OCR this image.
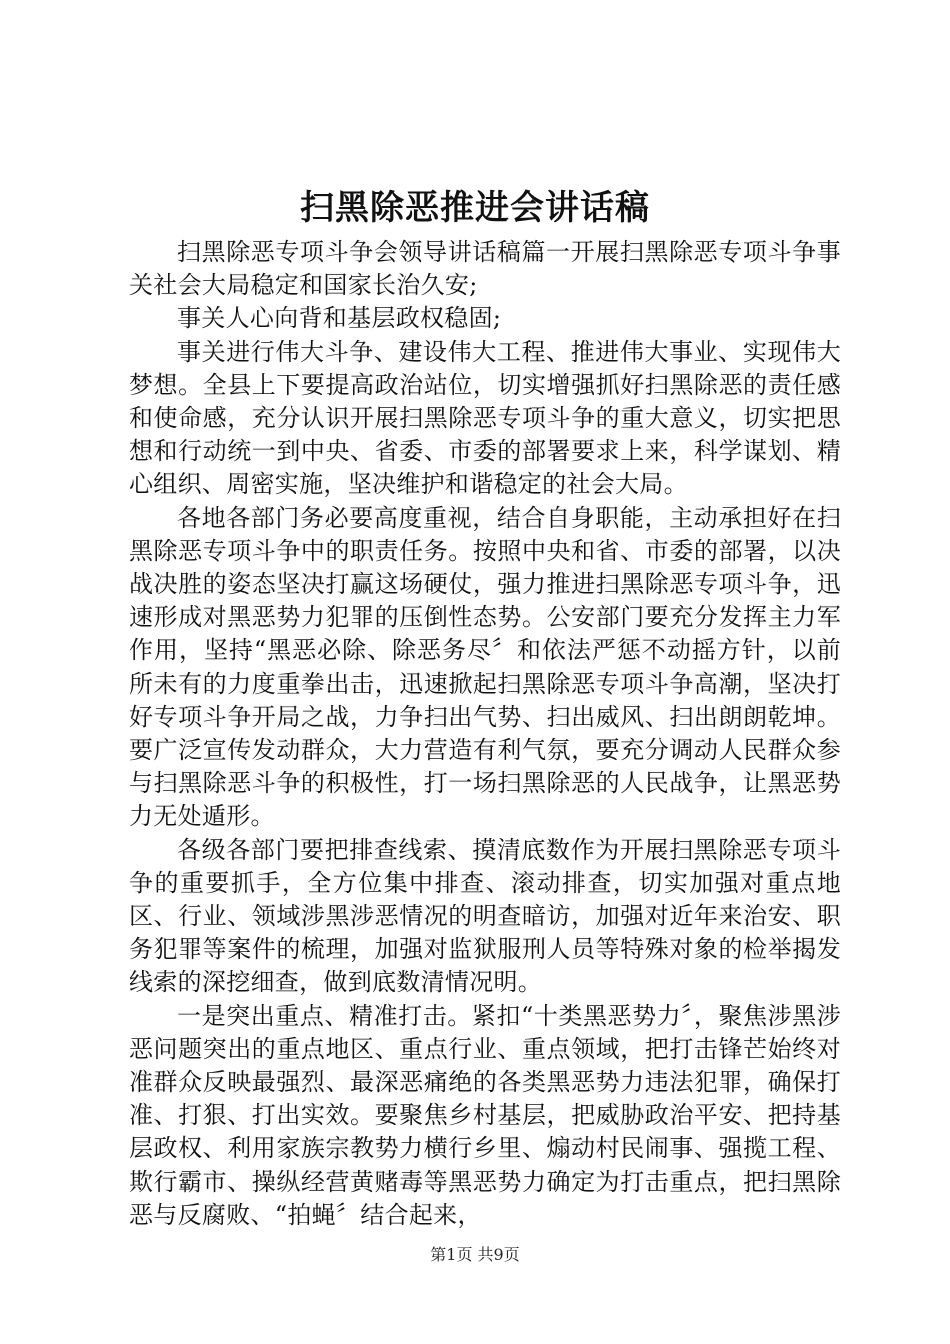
扫黑除恶推进会讲话稿

扫黑除恶专项斗争会领导讲话稿篇一开展扫黑除恶专项斗争事关社会大局稳定和国家长治久安;

事关人心向背和基层政权稳固;

事关进行伟大斗争、建设伟大工程、推进伟大事业、实现伟大梦想。全县上下要提高政治站位，切实增强抓好扫黑除恶的责任感和使命感，充分认识开展扫黑除恶专项斗争的重大意义，切实把思想和行动统一到中央、省委、市委的部署要求上来，科学谋划、精心组织、周密实施，坚决维护和谐稳定的社会大局。

各地各部门务必要高度重视，结合自身职能，主动承担好在扫黑除恶专项斗争中的职责任务。按照中央和省、市委的部署，以决战决胜的姿态坚决打赢这场硬仗，强力推进扫黑除恶专项斗争，迅速形成对黑恶势力犯罪的压倒性态势。公安部门要充分发挥主力军作用，坚持“黑恶必除、除恶务尽〞和依法严惩不动摇方针，以前所未有的力度重拳出击，迅速掀起扫黑除恶专项斗争高潮，坚决打好专项斗争开局之战，力争扫出气势、扫出威风、扫出朗朗乾坤。要广泛宣传发动群众，大力营造有利气氛，要充分调动人民群众参与扫黑除恶斗争的积极性，打一场扫黑除恶的人民战争，让黑恶势力无处遁形。

各级各部门要把排查线索、摸清底数作为开展扫黑除恶专项斗争的重要抓手，全方位集中排查、滚动排查，切实加强对重点地区、行业、领域涉黑涉恶情况的明查暗访，加强对近年来治安、职务犯罪等案件的梳理，加强对监狱服刑人员等特殊对象的检举揭发线索的深挖细查，做到底数清情况明。

一是突出重点、精准打击。紧扣“十类黑恶势力〞，聚焦涉黑涉恶问题突出的重点地区、重点行业、重点领域，把打击锋芒始终对准群众反映最强烈、最深恶痛绝的各类黑恶势力违法犯罪，确保打准、打狠、打出实效。要聚焦乡村基层，把威胁政治平安、把持基层政权、利用家族宗教势力横行乡里、煽动村民闹事、强揽工程、欺行霸市、操纵经营黄赌毒等黑恶势力确定为打击重点，把扫黑除恶与反腐败、“拍蝇〞结合起来，

第1页 共9页
